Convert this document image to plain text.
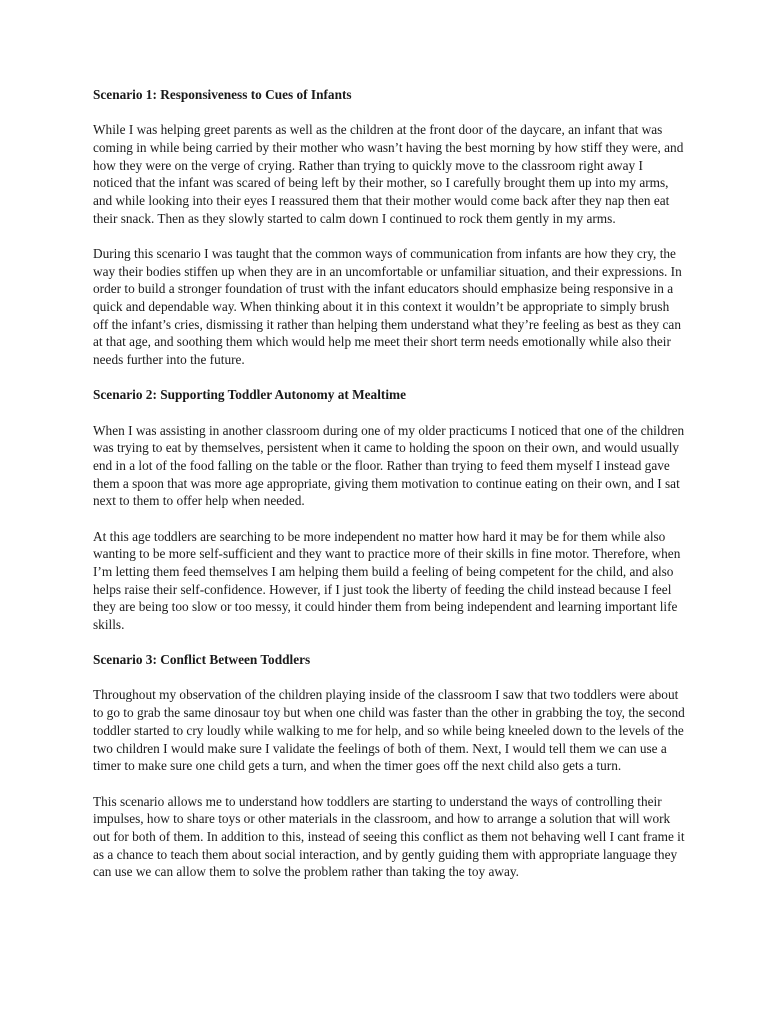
Scenario 1: Responsiveness to Cues of Infants
While I was helping greet parents as well as the children at the front door of the daycare, an infant that was coming in while being carried by their mother who wasn’t having the best morning by how stiff they were, and how they were on the verge of crying. Rather than trying to quickly move to the classroom right away I noticed that the infant was scared of being left by their mother, so I carefully brought them up into my arms, and while looking into their eyes I reassured them that their mother would come back after they nap then eat their snack. Then as they slowly started to calm down I continued to rock them gently in my arms.
During this scenario I was taught that the common ways of communication from infants are how they cry, the way their bodies stiffen up when they are in an uncomfortable or unfamiliar situation, and their expressions. In order to build a stronger foundation of trust with the infant educators should emphasize being responsive in a quick and dependable way. When thinking about it in this context it wouldn’t be appropriate to simply brush off the infant’s cries, dismissing it rather than helping them understand what they’re feeling as best as they can at that age, and soothing them which would help me meet their short term needs emotionally while also their needs further into the future.
Scenario 2: Supporting Toddler Autonomy at Mealtime
When I was assisting in another classroom during one of my older practicums I noticed that one of the children was trying to eat by themselves, persistent when it came to holding the spoon on their own, and would usually end in a lot of the food falling on the table or the floor. Rather than trying to feed them myself I instead gave them a spoon that was more age appropriate, giving them motivation to continue eating on their own, and I sat next to them to offer help when needed.
At this age toddlers are searching to be more independent no matter how hard it may be for them while also wanting to be more self-sufficient and they want to practice more of their skills in fine motor. Therefore, when I’m letting them feed themselves I am helping them build a feeling of being competent for the child, and also helps raise their self-confidence. However, if I just took the liberty of feeding the child instead because I feel they are being too slow or too messy, it could hinder them from being independent and learning important life skills.
Scenario 3: Conflict Between Toddlers
Throughout my observation of the children playing inside of the classroom I saw that two toddlers were about to go to grab the same dinosaur toy but when one child was faster than the other in grabbing the toy, the second toddler started to cry loudly while walking to me for help, and so while being kneeled down to the levels of the two children I would make sure I validate the feelings of both of them. Next, I would tell them we can use a timer to make sure one child gets a turn, and when the timer goes off the next child also gets a turn.
This scenario allows me to understand how toddlers are starting to understand the ways of controlling their impulses, how to share toys or other materials in the classroom, and how to arrange a solution that will work out for both of them. In addition to this, instead of seeing this conflict as them not behaving well I cant frame it as a chance to teach them about social interaction, and by gently guiding them with appropriate language they can use we can allow them to solve the problem rather than taking the toy away.
